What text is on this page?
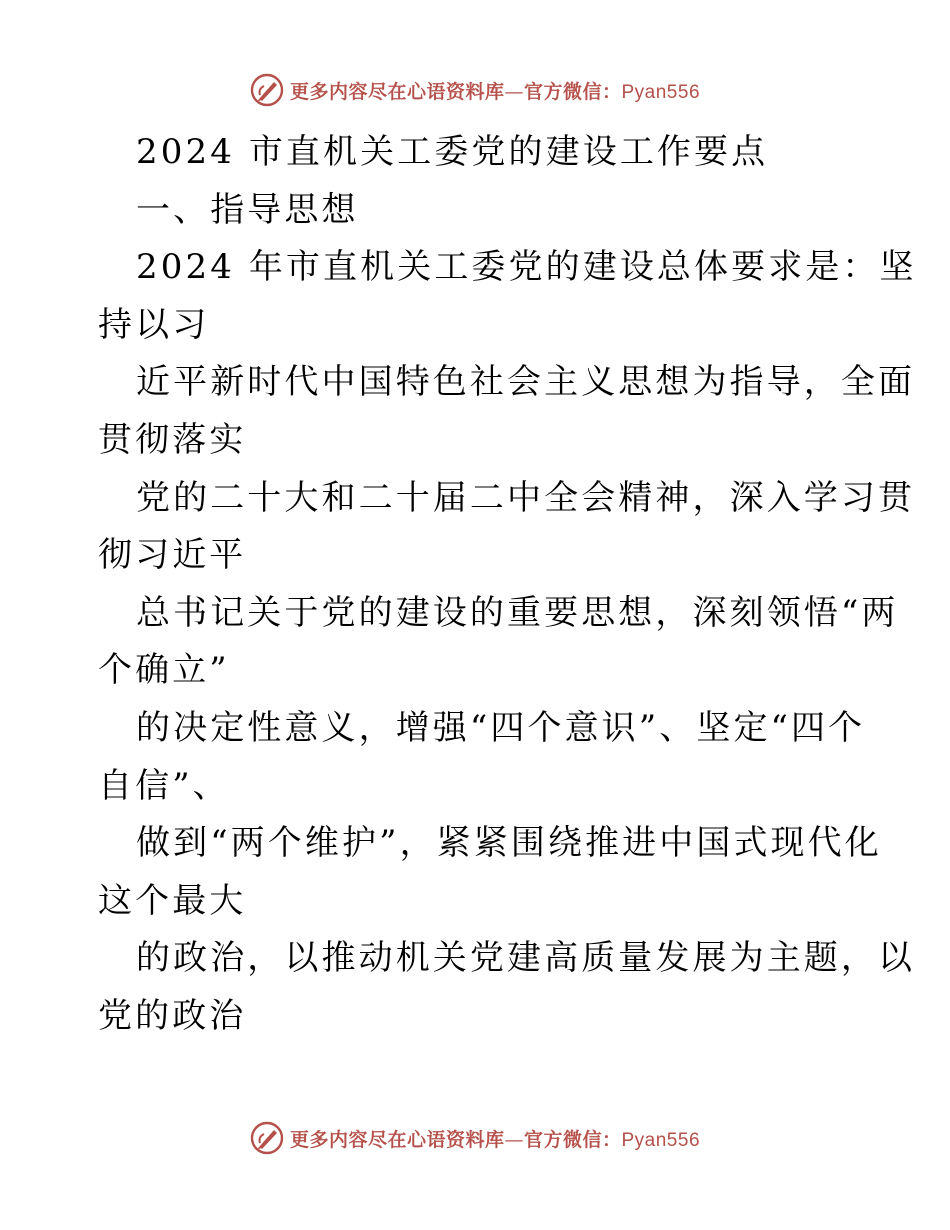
更多内容尽在心语资料库—官方微信：Pyan556
2024 市直机关工委党的建设工作要点
一、指导思想
2024 年市直机关工委党的建设总体要求是：坚
持以习
近平新时代中国特色社会主义思想为指导，全面
贯彻落实
党的二十大和二十届二中全会精神，深入学习贯
彻习近平
总书记关于党的建设的重要思想，深刻领悟“两
个确立”
的决定性意义，增强“四个意识”、坚定“四个
自信”、
做到“两个维护”，紧紧围绕推进中国式现代化
这个最大
的政治，以推动机关党建高质量发展为主题，以
党的政治
更多内容尽在心语资料库—官方微信：Pyan556
